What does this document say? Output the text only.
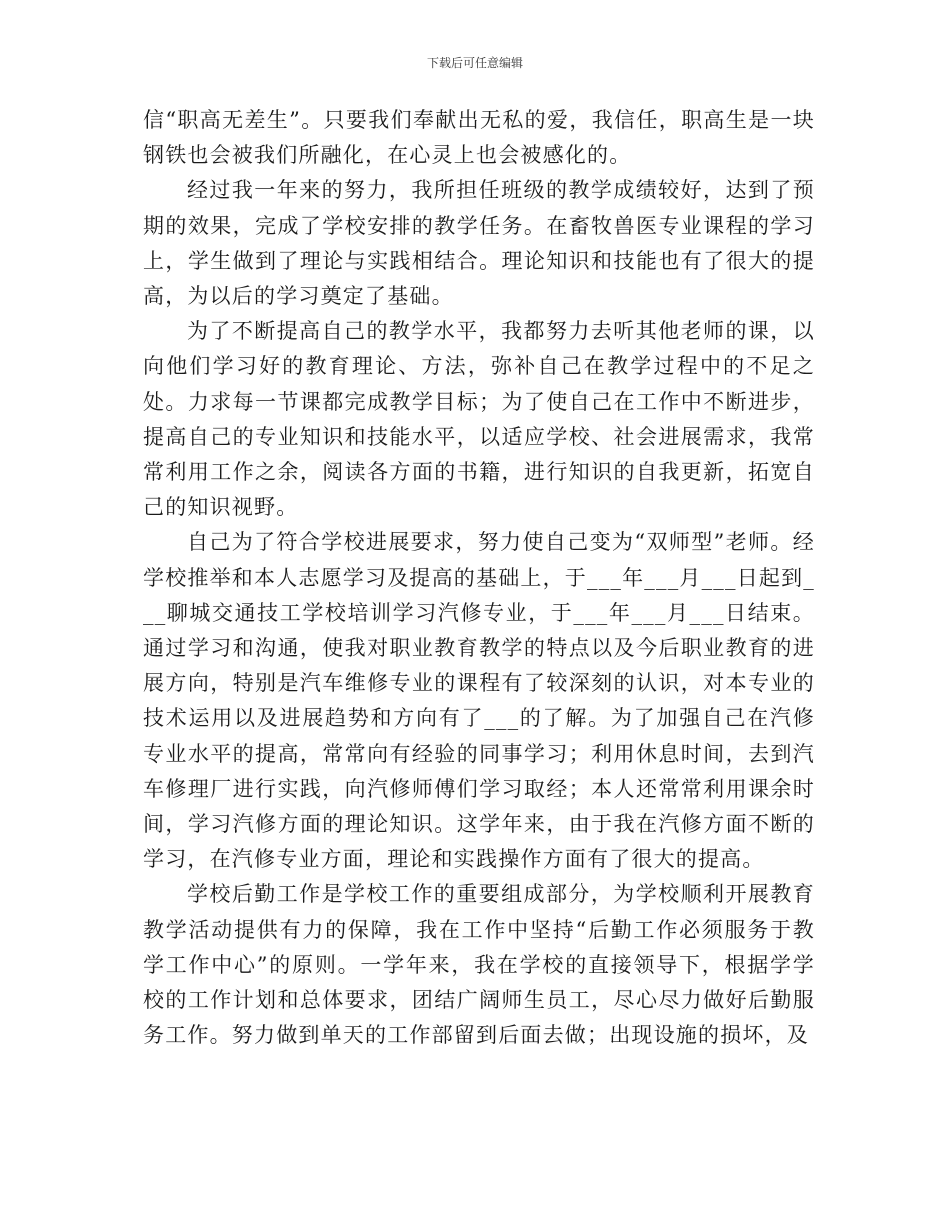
下载后可任意编辑

信“职高无差生”。只要我们奉献出无私的爱，我信任，职高生是一块钢铁也会被我们所融化，在心灵上也会被感化的。

经过我一年来的努力，我所担任班级的教学成绩较好，达到了预期的效果，完成了学校安排的教学任务。在畜牧兽医专业课程的学习上，学生做到了理论与实践相结合。理论知识和技能也有了很大的提高，为以后的学习奠定了基础。

为了不断提高自己的教学水平，我都努力去听其他老师的课，以向他们学习好的教育理论、方法，弥补自己在教学过程中的不足之处。力求每一节课都完成教学目标；为了使自己在工作中不断进步，提高自己的专业知识和技能水平，以适应学校、社会进展需求，我常常利用工作之余，阅读各方面的书籍，进行知识的自我更新，拓宽自己的知识视野。

自己为了符合学校进展要求，努力使自己变为“双师型”老师。经学校推举和本人志愿学习及提高的基础上，于___年___月___日起到___聊城交通技工学校培训学习汽修专业，于___年___月___日结束。通过学习和沟通，使我对职业教育教学的特点以及今后职业教育的进展方向，特别是汽车维修专业的课程有了较深刻的认识，对本专业的技术运用以及进展趋势和方向有了___的了解。为了加强自己在汽修专业水平的提高，常常向有经验的同事学习；利用休息时间，去到汽车修理厂进行实践，向汽修师傅们学习取经；本人还常常利用课余时间，学习汽修方面的理论知识。这学年来，由于我在汽修方面不断的学习，在汽修专业方面，理论和实践操作方面有了很大的提高。

学校后勤工作是学校工作的重要组成部分，为学校顺利开展教育教学活动提供有力的保障，我在工作中坚持“后勤工作必须服务于教学工作中心”的原则。一学年来，我在学校的直接领导下，根据学学校的工作计划和总体要求，团结广阔师生员工，尽心尽力做好后勤服务工作。努力做到单天的工作部留到后面去做；出现设施的损坏，及
